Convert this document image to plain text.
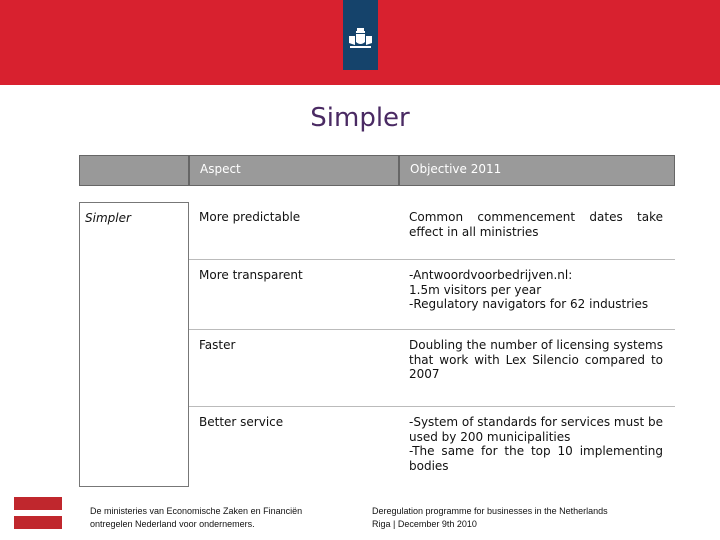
Simpler
	Aspect	Objective 2011

Simpler	More predictable	Common commencement dates take effect in all ministries
	More transparent	-Antwoordvoorbedrijven.nl:
1.5m visitors per year
-Regulatory navigators for 62 industries

	Faster	Doubling the number of licensing systems that work with Lex Silencio compared to 2007
	Better service	-System of standards for services must be used by 200 municipalities
-The same for the top 10 implementing bodies
De ministeries van Economische Zaken en Financiën
ontregelen Nederland voor ondernemers.
Deregulation programme for businesses in the Netherlands
Riga | December 9th 2010
